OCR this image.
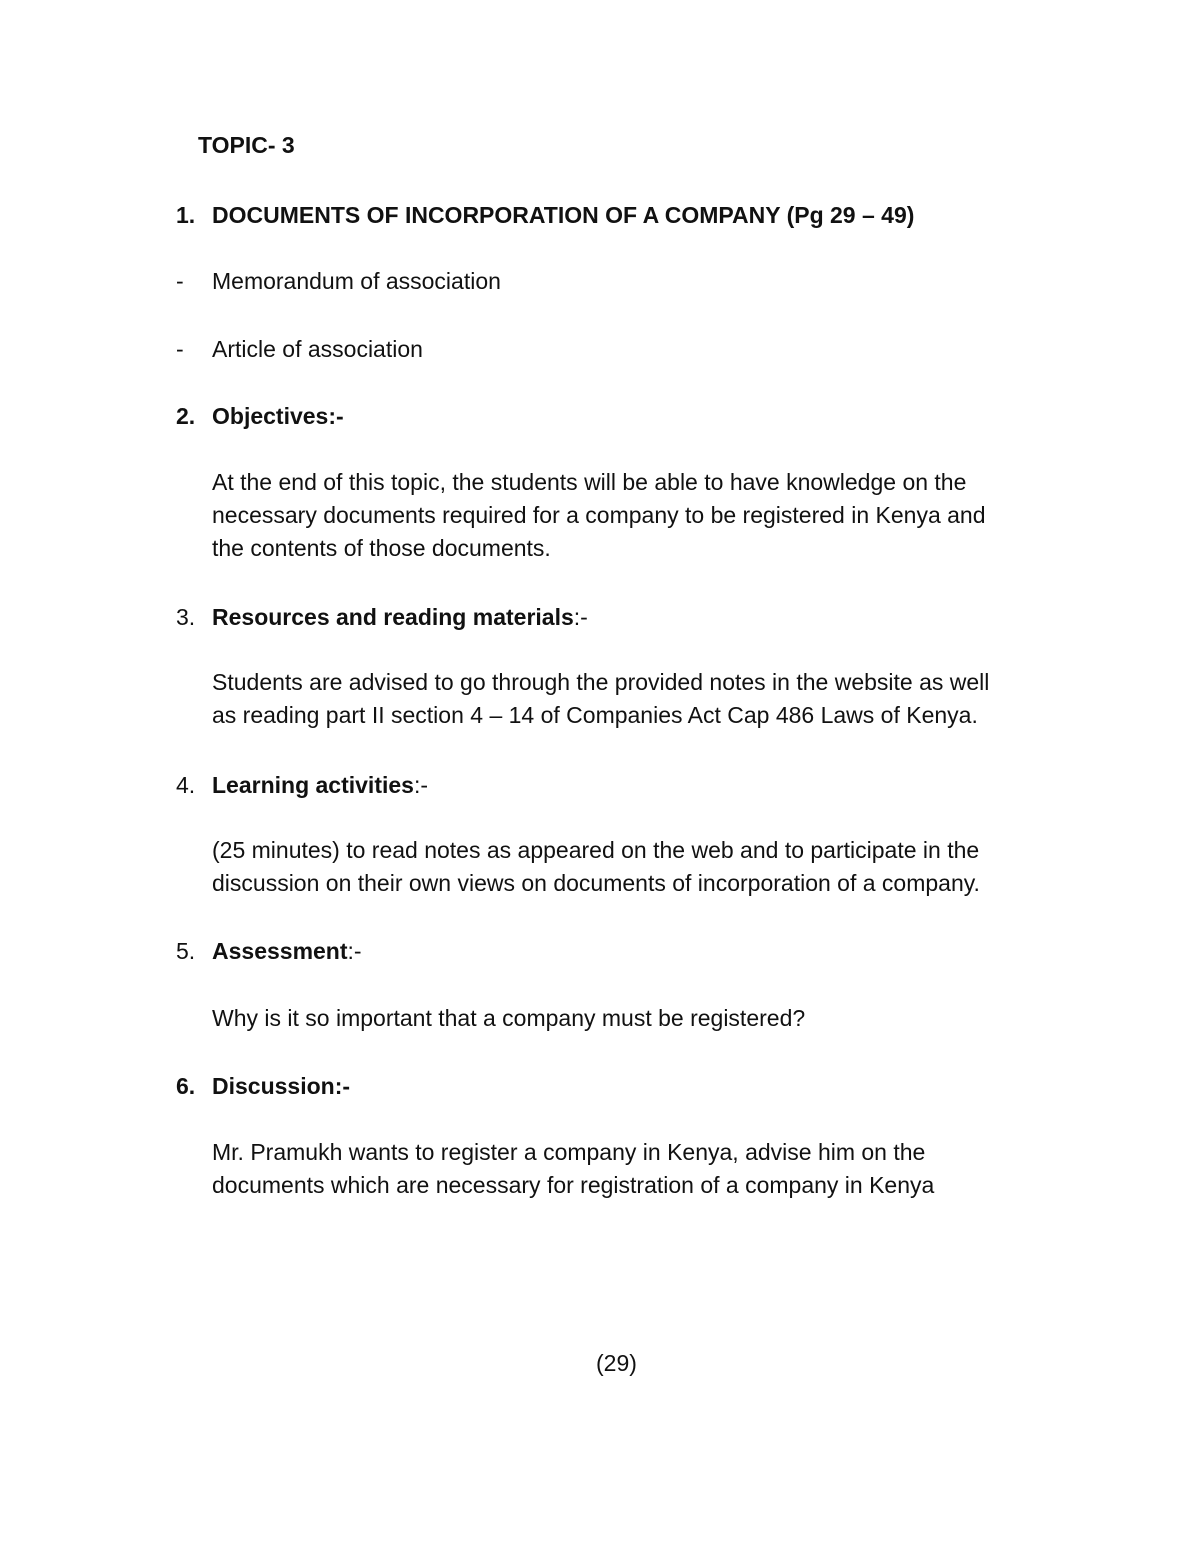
TOPIC- 3
1. DOCUMENTS OF INCORPORATION OF A COMPANY (Pg 29 – 49)
- Memorandum of association
- Article of association
2. Objectives:-
At the end of this topic, the students will be able to have knowledge on the
necessary documents required for a company to be registered in Kenya and
the contents of those documents.
3. Resources and reading materials:-
Students are advised to go through the provided notes in the website as well
as reading part II section 4 – 14 of Companies Act Cap 486 Laws of Kenya.
4. Learning activities:-
(25 minutes) to read notes as appeared on the web and to participate in the
discussion on their own views on documents of incorporation of a company.
5. Assessment:-
Why is it so important that a company must be registered?
6. Discussion:-
Mr. Pramukh wants to register a company in Kenya, advise him on the
documents which are necessary for registration of a company in Kenya
(29)
